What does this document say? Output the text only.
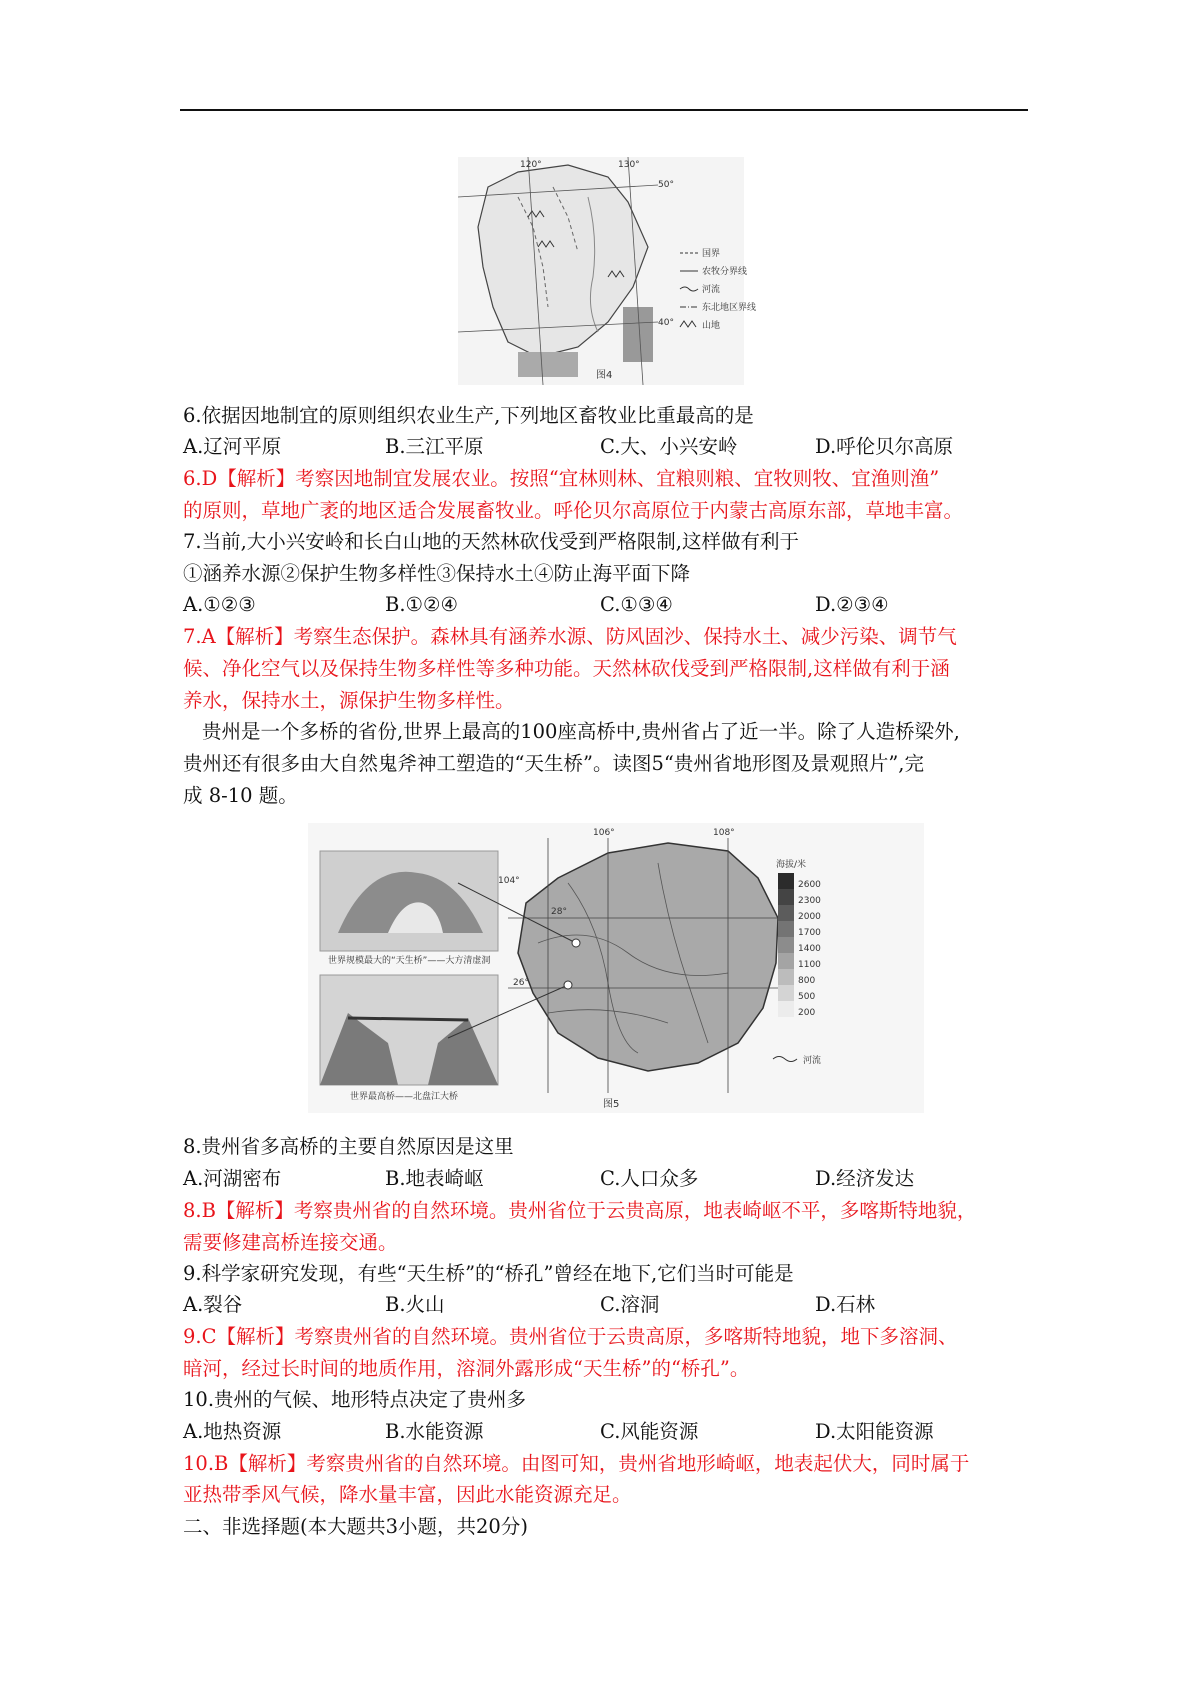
120°	130°
50°
40°
国界
农牧分界线
河流
东北地区界线
山地
图4
6.依据因地制宜的原则组织农业生产,下列地区畜牧业比重最高的是
A.辽河平原	B.三江平原	C.大、小兴安岭	D.呼伦贝尔高原
6.D【解析】考察因地制宜发展农业。按照“宜林则林、宜粮则粮、宜牧则牧、宜渔则渔”
的原则，草地广袤的地区适合发展畜牧业。呼伦贝尔高原位于内蒙古高原东部，草地丰富。
7.当前,大小兴安岭和长白山地的天然林砍伐受到严格限制,这样做有利于
①涵养水源②保护生物多样性③保持水土④防止海平面下降
A.①②③	B.①②④	C.①③④	D.②③④
7.A【解析】考察生态保护。森林具有涵养水源、防风固沙、保持水土、减少污染、调节气
候、净化空气以及保持生物多样性等多种功能。天然林砍伐受到严格限制,这样做有利于涵
养水，保持水土，源保护生物多样性。
贵州是一个多桥的省份,世界上最高的100座高桥中,贵州省占了近一半。除了人造桥梁外,
贵州还有很多由大自然鬼斧神工塑造的“天生桥”。读图5“贵州省地形图及景观照片”,完
成 8-10 题。
世界规模最大的“天生桥”——大方清虚洞
世界最高桥——北盘江大桥
104°
106°	108°
28°
26°
海拔/米
2600
2300
2000
1700
1400
1100
800
500
200
河流
图5
8.贵州省多高桥的主要自然原因是这里
A.河湖密布	B.地表崎岖	C.人口众多	D.经济发达
8.B【解析】考察贵州省的自然环境。贵州省位于云贵高原，地表崎岖不平，多喀斯特地貌，
需要修建高桥连接交通。
9.科学家研究发现，有些“天生桥”的“桥孔”曾经在地下,它们当时可能是
A.裂谷	B.火山	C.溶洞	D.石林
9.C【解析】考察贵州省的自然环境。贵州省位于云贵高原，多喀斯特地貌，地下多溶洞、
暗河，经过长时间的地质作用，溶洞外露形成“天生桥”的“桥孔”。
10.贵州的气候、地形特点决定了贵州多
A.地热资源	B.水能资源	C.风能资源	D.太阳能资源
10.B【解析】考察贵州省的自然环境。由图可知，贵州省地形崎岖，地表起伏大，同时属于
亚热带季风气候，降水量丰富，因此水能资源充足。
二、非选择题(本大题共3小题，共20分)
